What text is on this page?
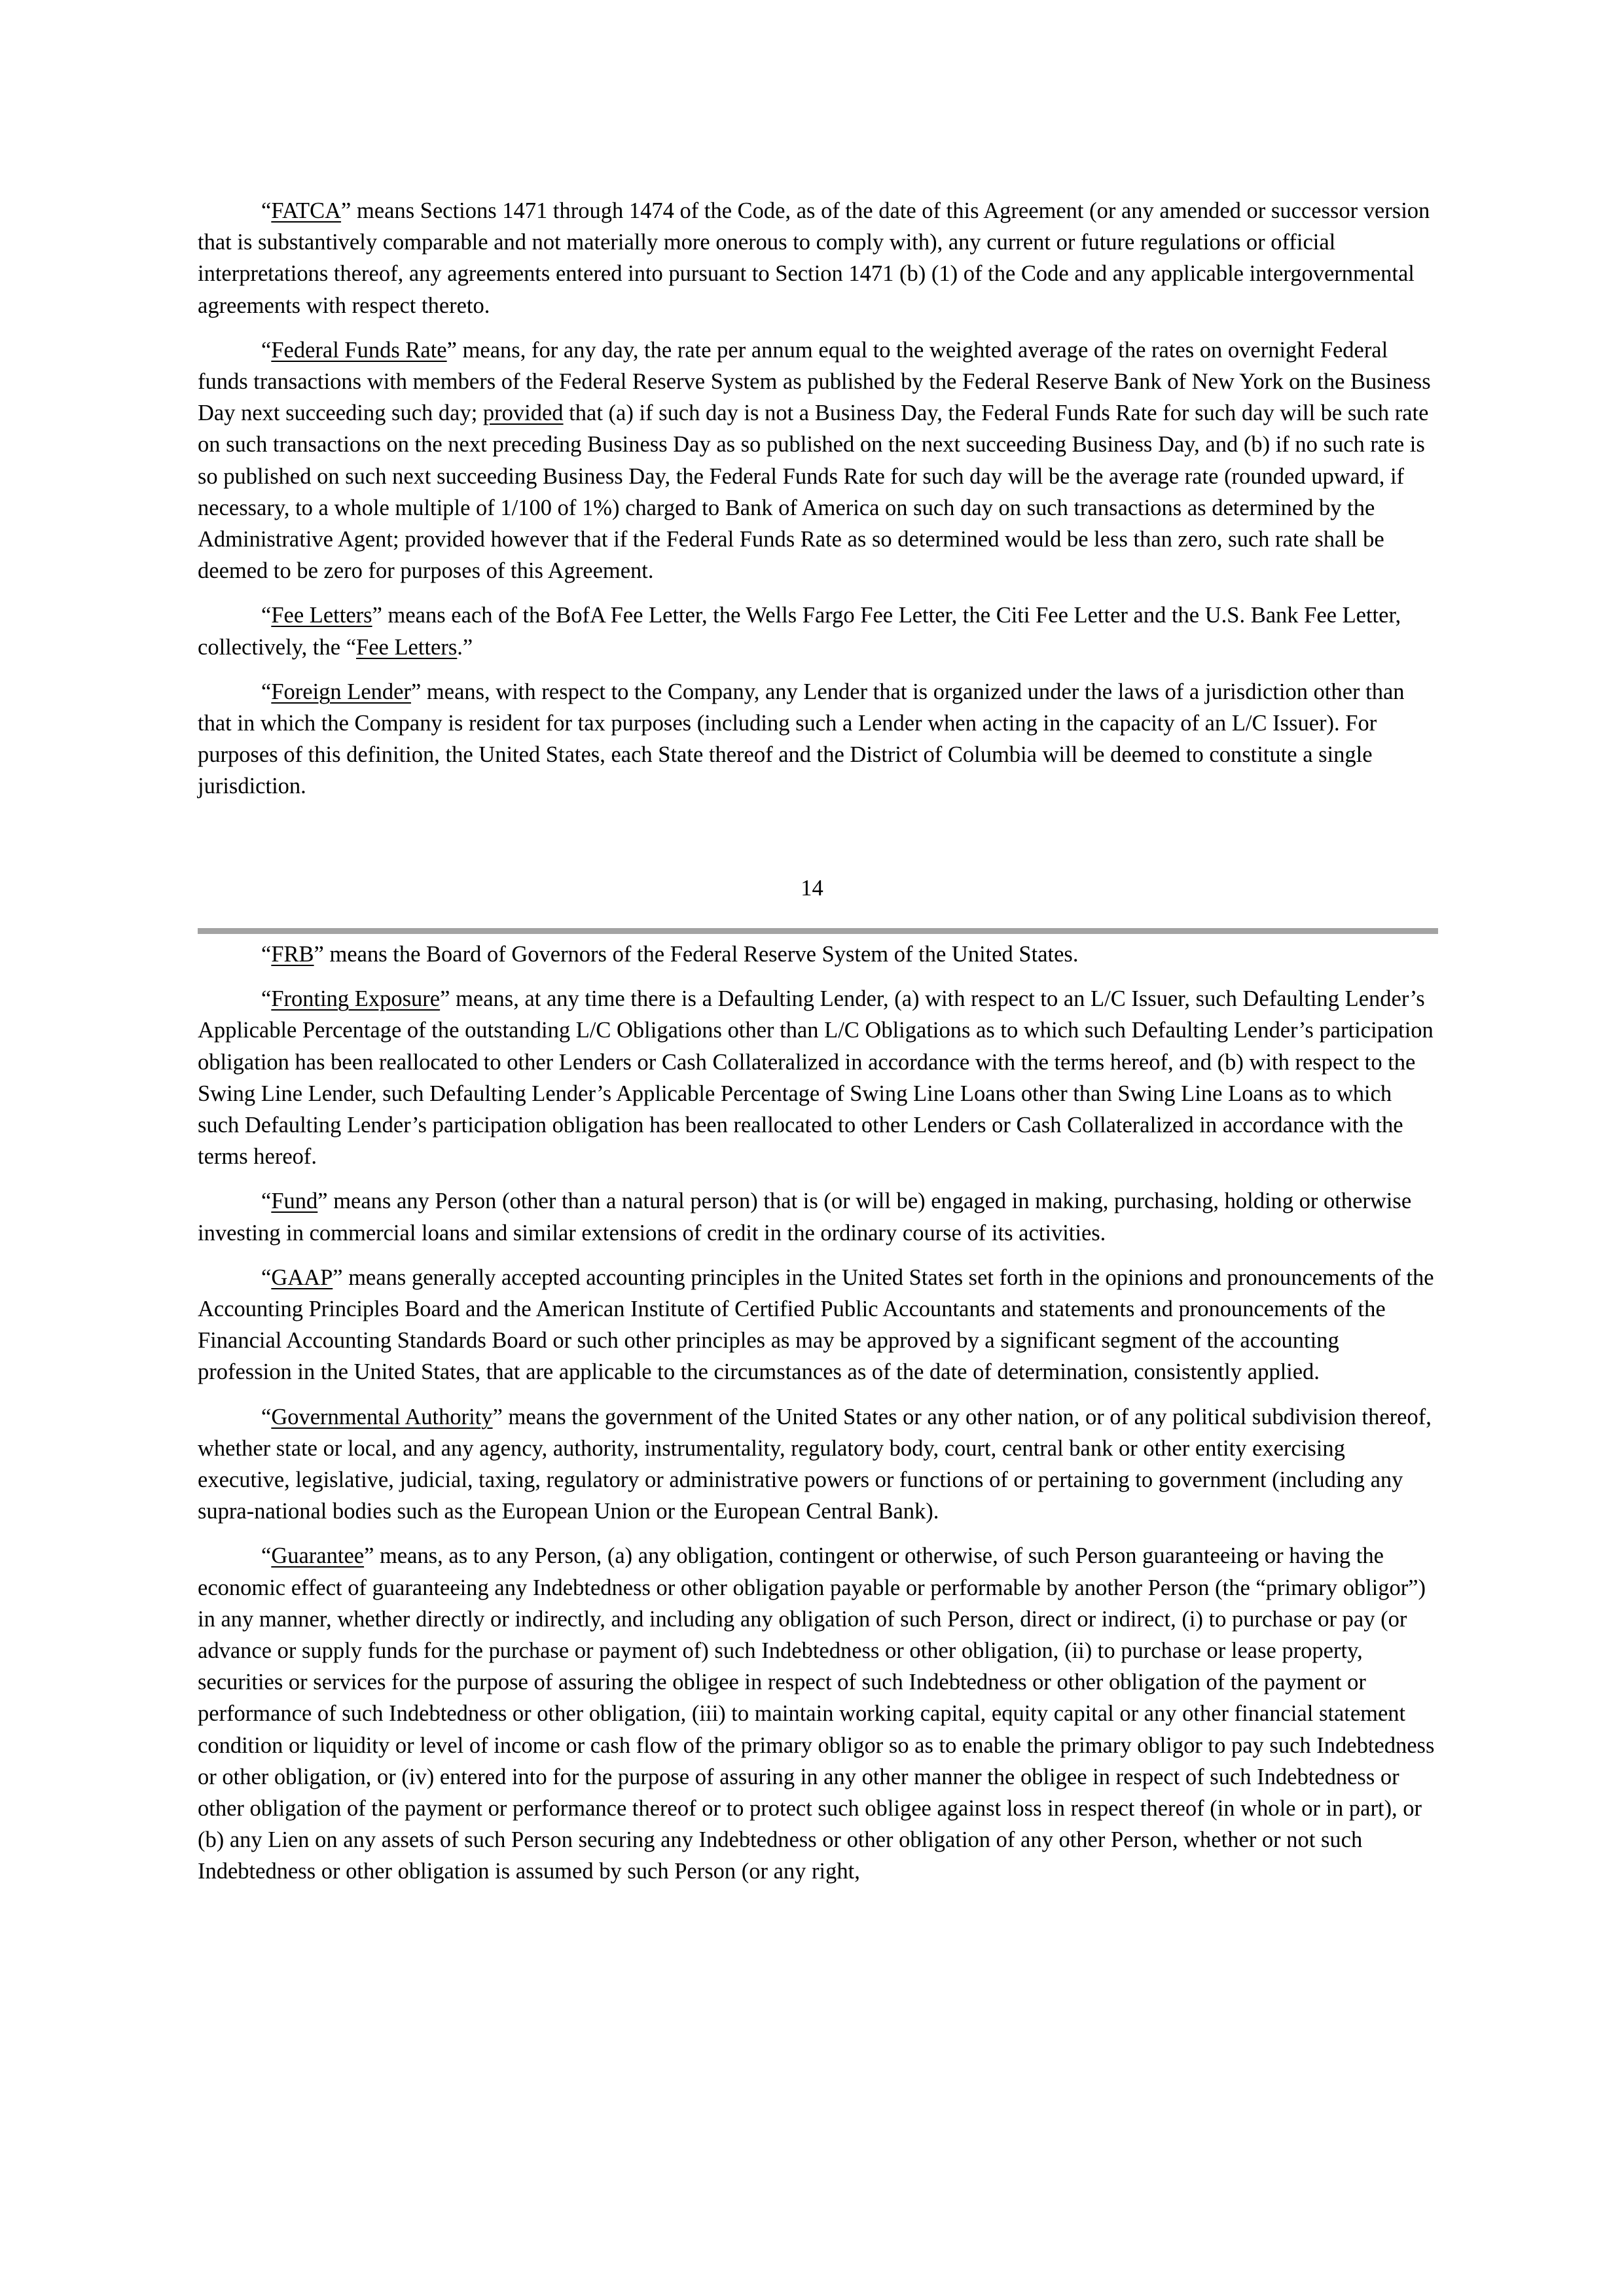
“FATCA” means Sections 1471 through 1474 of the Code, as of the date of this Agreement (or any amended or successor version that is substantively comparable and not materially more onerous to comply with), any current or future regulations or official interpretations thereof, any agreements entered into pursuant to Section 1471 (b) (1) of the Code and any applicable intergovernmental agreements with respect thereto.

“Federal Funds Rate” means, for any day, the rate per annum equal to the weighted average of the rates on overnight Federal funds transactions with members of the Federal Reserve System as published by the Federal Reserve Bank of New York on the Business Day next succeeding such day; provided that (a) if such day is not a Business Day, the Federal Funds Rate for such day will be such rate on such transactions on the next preceding Business Day as so published on the next succeeding Business Day, and (b) if no such rate is so published on such next succeeding Business Day, the Federal Funds Rate for such day will be the average rate (rounded upward, if necessary, to a whole multiple of 1/100 of 1%) charged to Bank of America on such day on such transactions as determined by the Administrative Agent; provided however that if the Federal Funds Rate as so determined would be less than zero, such rate shall be deemed to be zero for purposes of this Agreement.

“Fee Letters” means each of the BofA Fee Letter, the Wells Fargo Fee Letter, the Citi Fee Letter and the U.S. Bank Fee Letter, collectively, the “Fee Letters.”

“Foreign Lender” means, with respect to the Company, any Lender that is organized under the laws of a jurisdiction other than that in which the Company is resident for tax purposes (including such a Lender when acting in the capacity of an L/C Issuer). For purposes of this definition, the United States, each State thereof and the District of Columbia will be deemed to constitute a single jurisdiction.

14

“FRB” means the Board of Governors of the Federal Reserve System of the United States.

“Fronting Exposure” means, at any time there is a Defaulting Lender, (a) with respect to an L/C Issuer, such Defaulting Lender’s Applicable Percentage of the outstanding L/C Obligations other than L/C Obligations as to which such Defaulting Lender’s participation obligation has been reallocated to other Lenders or Cash Collateralized in accordance with the terms hereof, and (b) with respect to the Swing Line Lender, such Defaulting Lender’s Applicable Percentage of Swing Line Loans other than Swing Line Loans as to which such Defaulting Lender’s participation obligation has been reallocated to other Lenders or Cash Collateralized in accordance with the terms hereof.

“Fund” means any Person (other than a natural person) that is (or will be) engaged in making, purchasing, holding or otherwise investing in commercial loans and similar extensions of credit in the ordinary course of its activities.

“GAAP” means generally accepted accounting principles in the United States set forth in the opinions and pronouncements of the Accounting Principles Board and the American Institute of Certified Public Accountants and statements and pronouncements of the Financial Accounting Standards Board or such other principles as may be approved by a significant segment of the accounting profession in the United States, that are applicable to the circumstances as of the date of determination, consistently applied.

“Governmental Authority” means the government of the United States or any other nation, or of any political subdivision thereof, whether state or local, and any agency, authority, instrumentality, regulatory body, court, central bank or other entity exercising executive, legislative, judicial, taxing, regulatory or administrative powers or functions of or pertaining to government (including any supra-national bodies such as the European Union or the European Central Bank).

“Guarantee” means, as to any Person, (a) any obligation, contingent or otherwise, of such Person guaranteeing or having the economic effect of guaranteeing any Indebtedness or other obligation payable or performable by another Person (the “primary obligor”) in any manner, whether directly or indirectly, and including any obligation of such Person, direct or indirect, (i) to purchase or pay (or advance or supply funds for the purchase or payment of) such Indebtedness or other obligation, (ii) to purchase or lease property, securities or services for the purpose of assuring the obligee in respect of such Indebtedness or other obligation of the payment or performance of such Indebtedness or other obligation, (iii) to maintain working capital, equity capital or any other financial statement condition or liquidity or level of income or cash flow of the primary obligor so as to enable the primary obligor to pay such Indebtedness or other obligation, or (iv) entered into for the purpose of assuring in any other manner the obligee in respect of such Indebtedness or other obligation of the payment or performance thereof or to protect such obligee against loss in respect thereof (in whole or in part), or (b) any Lien on any assets of such Person securing any Indebtedness or other obligation of any other Person, whether or not such Indebtedness or other obligation is assumed by such Person (or any right,
